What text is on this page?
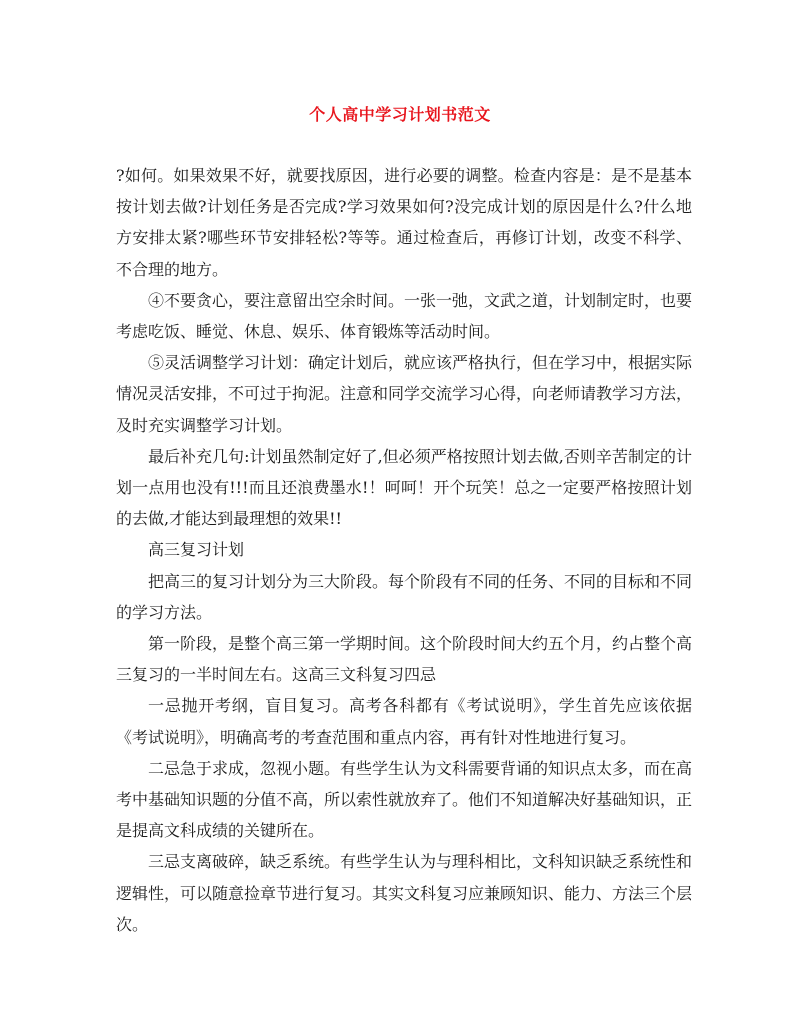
个人高中学习计划书范文

?如何。如果效果不好，就要找原因，进行必要的调整。检查内容是：是不是基本按计划去做?计划任务是否完成?学习效果如何?没完成计划的原因是什么?什么地方安排太紧?哪些环节安排轻松?等等。通过检查后，再修订计划，改变不科学、不合理的地方。

④不要贪心，要注意留出空余时间。一张一弛，文武之道，计划制定时，也要考虑吃饭、睡觉、休息、娱乐、体育锻炼等活动时间。

⑤灵活调整学习计划：确定计划后，就应该严格执行，但在学习中，根据实际情况灵活安排，不可过于拘泥。注意和同学交流学习心得，向老师请教学习方法，及时充实调整学习计划。

最后补充几句:计划虽然制定好了,但必须严格按照计划去做,否则辛苦制定的计划一点用也没有!!!而且还浪费墨水!！呵呵！开个玩笑！总之一定要严格按照计划的去做,才能达到最理想的效果!!

高三复习计划

把高三的复习计划分为三大阶段。每个阶段有不同的任务、不同的目标和不同的学习方法。

第一阶段，是整个高三第一学期时间。这个阶段时间大约五个月，约占整个高三复习的一半时间左右。这高三文科复习四忌

一忌抛开考纲，盲目复习。高考各科都有《考试说明》，学生首先应该依据《考试说明》，明确高考的考查范围和重点内容，再有针对性地进行复习。

二忌急于求成，忽视小题。有些学生认为文科需要背诵的知识点太多，而在高考中基础知识题的分值不高，所以索性就放弃了。他们不知道解决好基础知识，正是提高文科成绩的关键所在。

三忌支离破碎，缺乏系统。有些学生认为与理科相比，文科知识缺乏系统性和逻辑性，可以随意捡章节进行复习。其实文科复习应兼顾知识、能力、方法三个层次。
